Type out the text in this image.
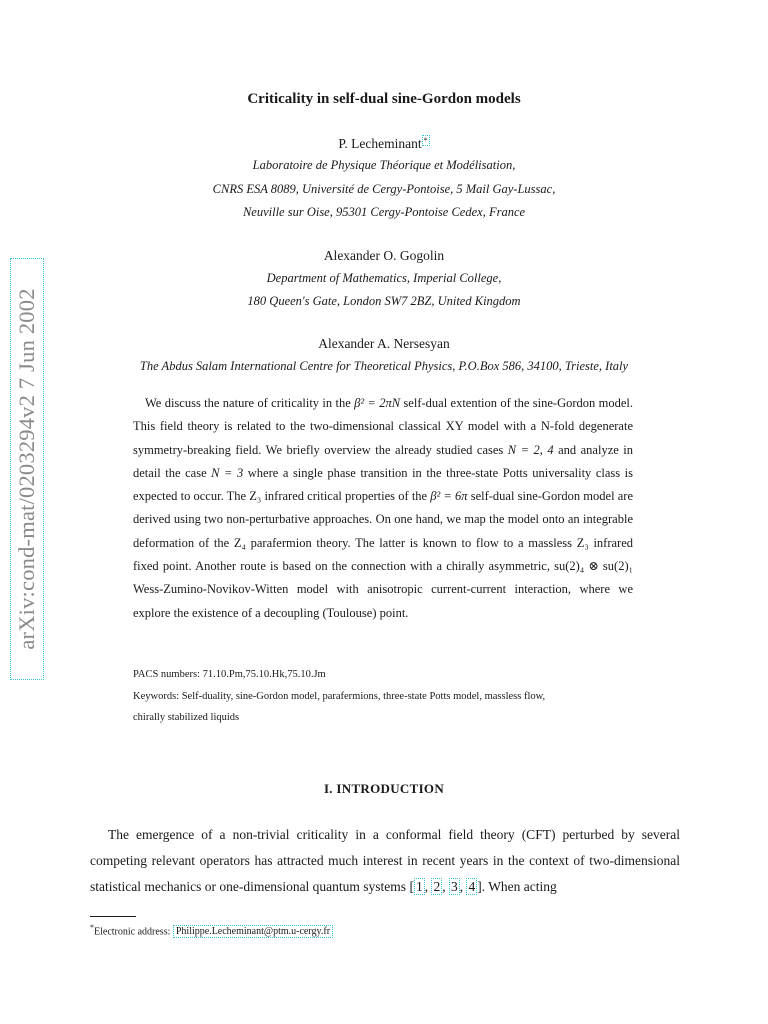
arXiv:cond-mat/0203294v2 7 Jun 2002
Criticality in self-dual sine-Gordon models
P. Lecheminant *
Laboratoire de Physique Théorique et Modélisation,
CNRS ESA 8089, Université de Cergy-Pontoise, 5 Mail Gay-Lussac,
Neuville sur Oise, 95301 Cergy-Pontoise Cedex, France
Alexander O. Gogolin
Department of Mathematics, Imperial College,
180 Queen's Gate, London SW7 2BZ, United Kingdom
Alexander A. Nersesyan
The Abdus Salam International Centre for Theoretical Physics, P.O.Box 586, 34100, Trieste, Italy
We discuss the nature of criticality in the β² = 2πN self-dual extention of the sine-Gordon model. This field theory is related to the two-dimensional classical XY model with a N-fold degenerate symmetry-breaking field. We briefly overview the already studied cases N = 2, 4 and analyze in detail the case N = 3 where a single phase transition in the three-state Potts universality class is expected to occur. The Z₃ infrared critical properties of the β² = 6π self-dual sine-Gordon model are derived using two non-perturbative approaches. On one hand, we map the model onto an integrable deformation of the Z₄ parafermion theory. The latter is known to flow to a massless Z₃ infrared fixed point. Another route is based on the connection with a chirally asymmetric, su(2)₄ ⊗ su(2)₁ Wess-Zumino-Novikov-Witten model with anisotropic current-current interaction, where we explore the existence of a decoupling (Toulouse) point.
PACS numbers: 71.10.Pm,75.10.Hk,75.10.Jm
Keywords: Self-duality, sine-Gordon model, parafermions, three-state Potts model, massless flow,
chirally stabilized liquids
I. INTRODUCTION
The emergence of a non-trivial criticality in a conformal field theory (CFT) perturbed by several competing relevant operators has attracted much interest in recent years in the context of two-dimensional statistical mechanics or one-dimensional quantum systems [ 1 , 2 , 3 , 4 ]. When acting
*Electronic address: Philippe.Lecheminant@ptm.u-cergy.fr
